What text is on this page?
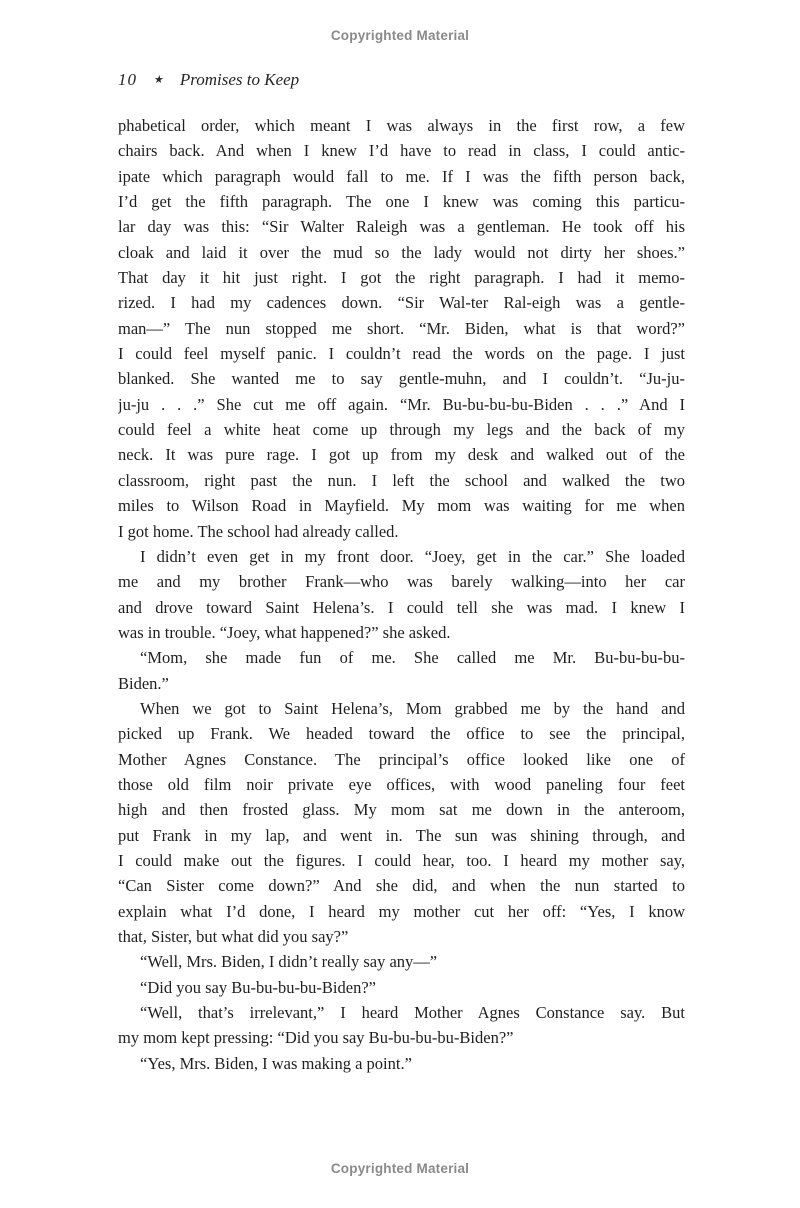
Copyrighted Material
10	★ Promises to Keep
phabetical order, which meant I was always in the first row, a few
chairs back. And when I knew I’d have to read in class, I could antic-
ipate which paragraph would fall to me. If I was the fifth person back,
I’d get the fifth paragraph. The one I knew was coming this particu-
lar day was this: “Sir Walter Raleigh was a gentleman. He took off his
cloak and laid it over the mud so the lady would not dirty her shoes.”
That day it hit just right. I got the right paragraph. I had it memo-
rized. I had my cadences down. “Sir Wal-ter Ral-eigh was a gentle-
man—” The nun stopped me short. “Mr. Biden, what is that word?”
I could feel myself panic. I couldn’t read the words on the page. I just
blanked. She wanted me to say gentle-muhn, and I couldn’t. “Ju-ju-
ju-ju . . .” She cut me off again. “Mr. Bu-bu-bu-bu-Biden . . .” And I
could feel a white heat come up through my legs and the back of my
neck. It was pure rage. I got up from my desk and walked out of the
classroom, right past the nun. I left the school and walked the two
miles to Wilson Road in Mayfield. My mom was waiting for me when
I got home. The school had already called.
I didn’t even get in my front door. “Joey, get in the car.” She loaded
me and my brother Frank—who was barely walking—into her car
and drove toward Saint Helena’s. I could tell she was mad. I knew I
was in trouble. “Joey, what happened?” she asked.
“Mom, she made fun of me. She called me Mr. Bu-bu-bu-bu-
Biden.”
When we got to Saint Helena’s, Mom grabbed me by the hand and
picked up Frank. We headed toward the office to see the principal,
Mother Agnes Constance. The principal’s office looked like one of
those old film noir private eye offices, with wood paneling four feet
high and then frosted glass. My mom sat me down in the anteroom,
put Frank in my lap, and went in. The sun was shining through, and
I could make out the figures. I could hear, too. I heard my mother say,
“Can Sister come down?” And she did, and when the nun started to
explain what I’d done, I heard my mother cut her off: “Yes, I know
that, Sister, but what did you say?”
“Well, Mrs. Biden, I didn’t really say any—”
“Did you say Bu-bu-bu-bu-Biden?”
“Well, that’s irrelevant,” I heard Mother Agnes Constance say. But
my mom kept pressing: “Did you say Bu-bu-bu-bu-Biden?”
“Yes, Mrs. Biden, I was making a point.”
Copyrighted Material
